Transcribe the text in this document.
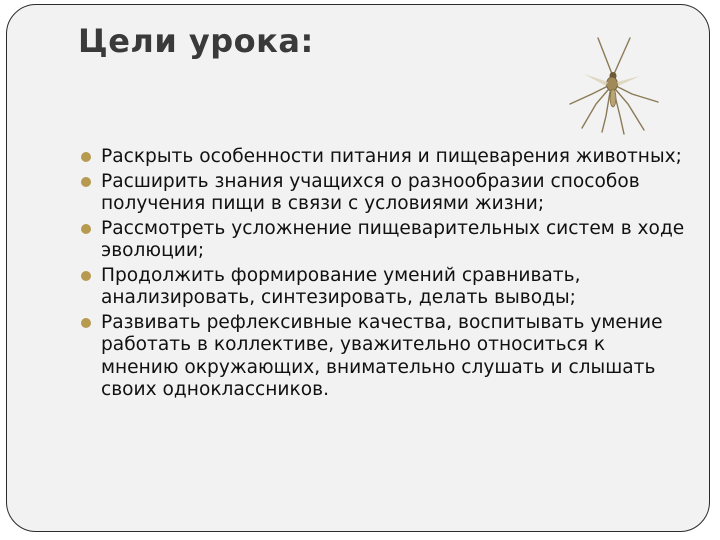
Цели урока:
Раскрыть особенности питания и пищеварения животных;
Расширить знания учащихся о разнообразии способов получения пищи в связи с условиями жизни;
Рассмотреть усложнение пищеварительных систем в ходе эволюции;
Продолжить формирование умений сравнивать, анализировать, синтезировать, делать выводы;
Развивать рефлексивные качества, воспитывать умение работать в коллективе, уважительно относиться к мнению окружающих, внимательно слушать и слышать своих одноклассников.
